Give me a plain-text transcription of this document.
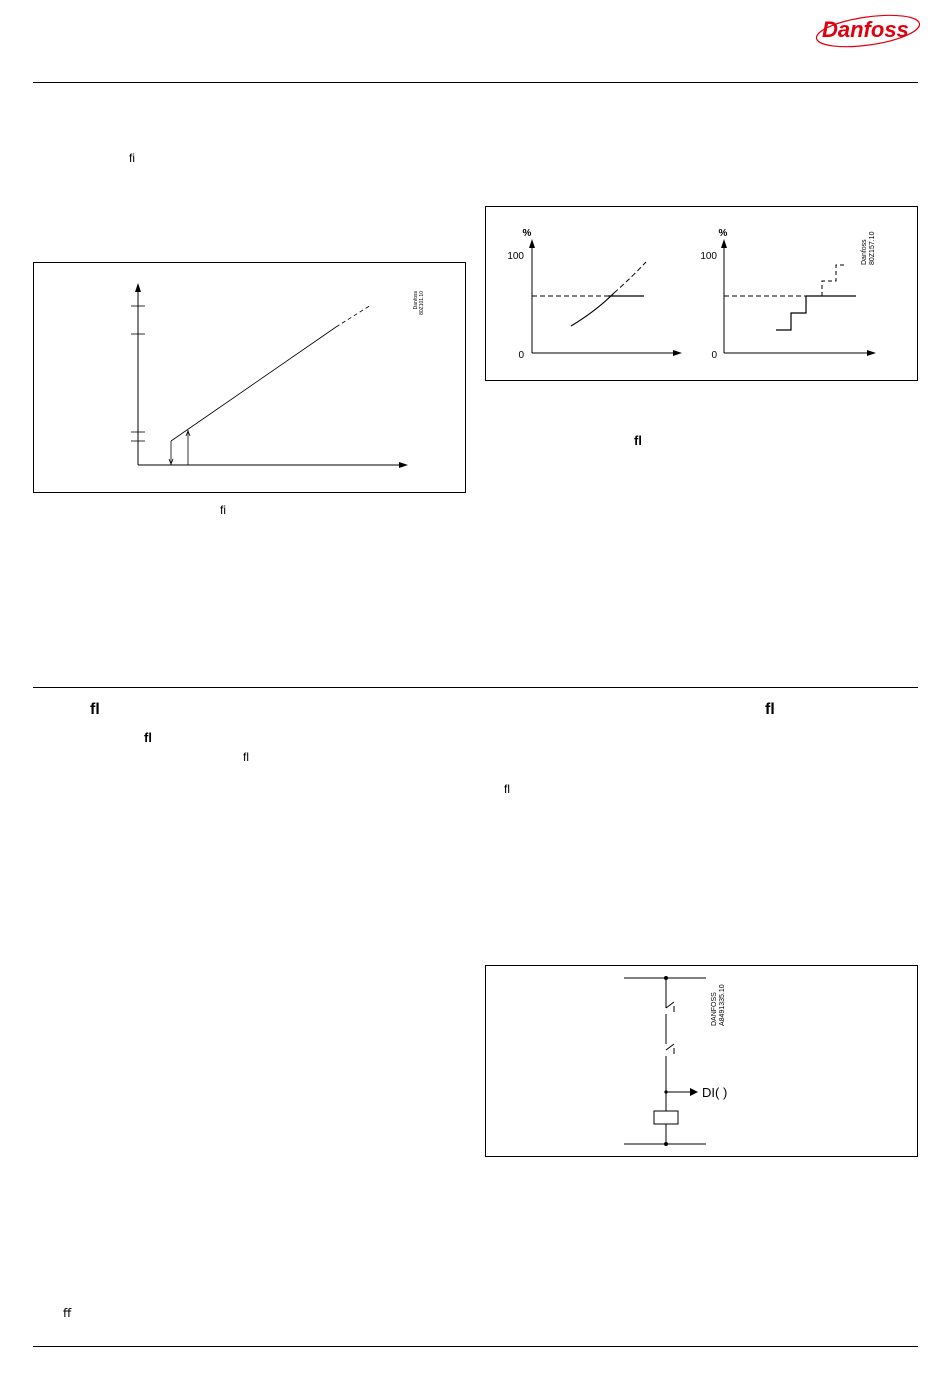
Danfoss
ﬁ
Danfoss 80Z101.10
ﬁ
%
100
0
%
100
0
Danfoss 80Z157.10
ﬂ
ﬂ
ﬂ
ﬂ
ﬂ
ﬂ
DI( )
DANFOSS A8491335.10
ﬀ
